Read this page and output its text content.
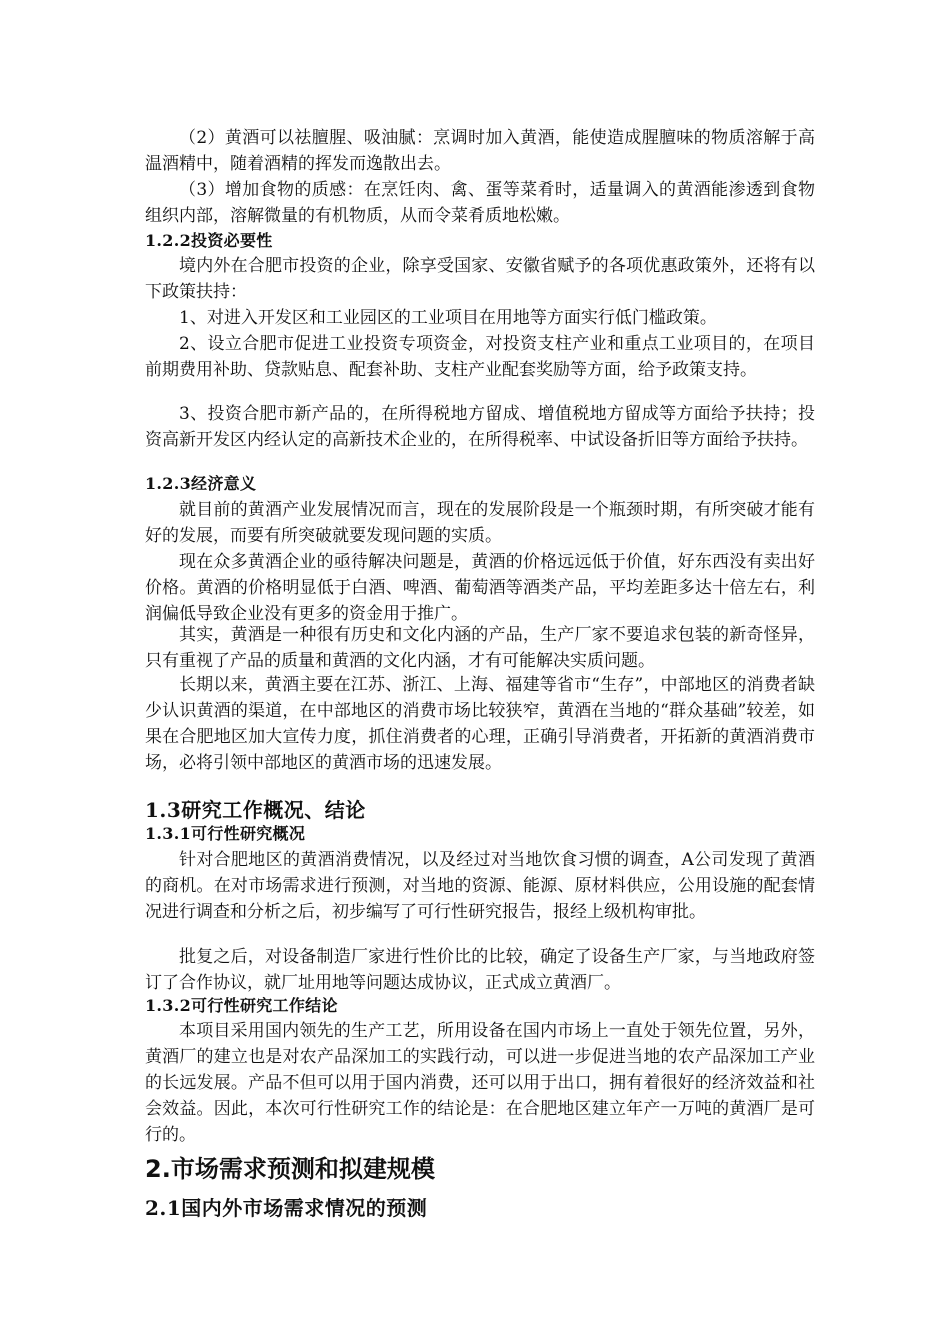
（2）黄酒可以祛膻腥、吸油腻：烹调时加入黄酒，能使造成腥膻味的物质溶解于高温酒精中，随着酒精的挥发而逸散出去。

（3）增加食物的质感：在烹饪肉、禽、蛋等菜肴时，适量调入的黄酒能渗透到食物组织内部，溶解微量的有机物质，从而令菜肴质地松嫩。

1.2.2投资必要性

境内外在合肥市投资的企业，除享受国家、安徽省赋予的各项优惠政策外，还将有以下政策扶持：

1、对进入开发区和工业园区的工业项目在用地等方面实行低门槛政策。

2、设立合肥市促进工业投资专项资金，对投资支柱产业和重点工业项目的，在项目前期费用补助、贷款贴息、配套补助、支柱产业配套奖励等方面，给予政策支持。

3、投资合肥市新产品的，在所得税地方留成、增值税地方留成等方面给予扶持；投资高新开发区内经认定的高新技术企业的，在所得税率、中试设备折旧等方面给予扶持。

1.2.3经济意义

就目前的黄酒产业发展情况而言，现在的发展阶段是一个瓶颈时期，有所突破才能有好的发展，而要有所突破就要发现问题的实质。

现在众多黄酒企业的亟待解决问题是，黄酒的价格远远低于价值，好东西没有卖出好价格。黄酒的价格明显低于白酒、啤酒、葡萄酒等酒类产品，平均差距多达十倍左右，利润偏低导致企业没有更多的资金用于推广。

其实，黄酒是一种很有历史和文化内涵的产品，生产厂家不要追求包装的新奇怪异，只有重视了产品的质量和黄酒的文化内涵，才有可能解决实质问题。

长期以来，黄酒主要在江苏、浙江、上海、福建等省市“生存”，中部地区的消费者缺少认识黄酒的渠道，在中部地区的消费市场比较狭窄，黄酒在当地的“群众基础”较差，如果在合肥地区加大宣传力度，抓住消费者的心理，正确引导消费者，开拓新的黄酒消费市场，必将引领中部地区的黄酒市场的迅速发展。

1.3研究工作概况、结论
1.3.1可行性研究概况

针对合肥地区的黄酒消费情况，以及经过对当地饮食习惯的调查，A公司发现了黄酒的商机。在对市场需求进行预测，对当地的资源、能源、原材料供应，公用设施的配套情况进行调查和分析之后，初步编写了可行性研究报告，报经上级机构审批。

批复之后，对设备制造厂家进行性价比的比较，确定了设备生产厂家，与当地政府签订了合作协议，就厂址用地等问题达成协议，正式成立黄酒厂。

1.3.2可行性研究工作结论

本项目采用国内领先的生产工艺，所用设备在国内市场上一直处于领先位置，另外，黄酒厂的建立也是对农产品深加工的实践行动，可以进一步促进当地的农产品深加工产业的长远发展。产品不但可以用于国内消费，还可以用于出口，拥有着很好的经济效益和社会效益。因此，本次可行性研究工作的结论是：在合肥地区建立年产一万吨的黄酒厂是可行的。

2.市场需求预测和拟建规模
2.1国内外市场需求情况的预测
